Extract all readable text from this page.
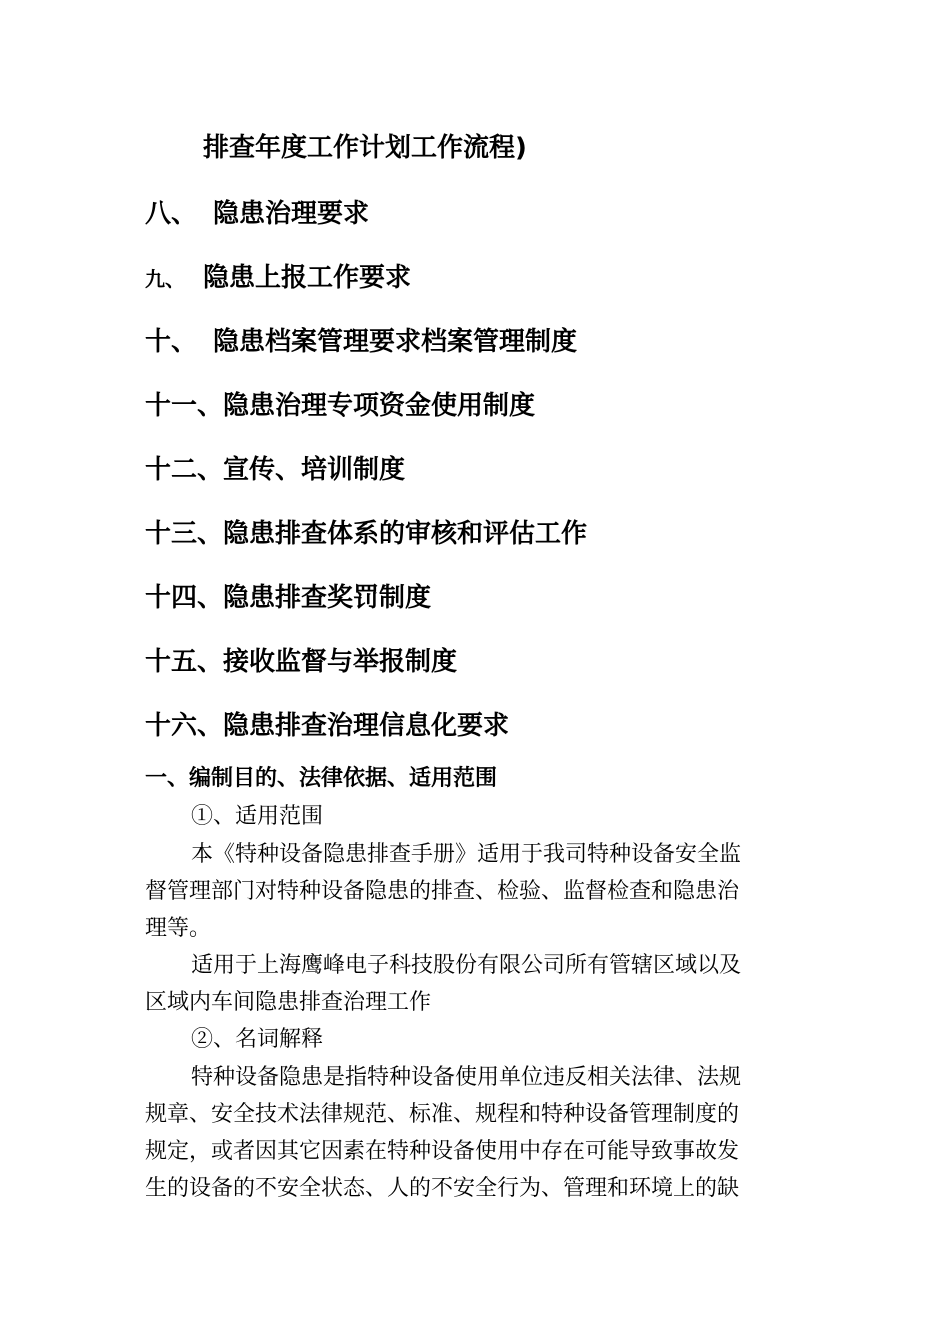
排查年度工作计划工作流程)
八、 隐患治理要求
九、 隐患上报工作要求
十、 隐患档案管理要求档案管理制度
十一、隐患治理专项资金使用制度
十二、宣传、培训制度
十三、隐患排查体系的审核和评估工作
十四、隐患排查奖罚制度
十五、接收监督与举报制度
十六、隐患排查治理信息化要求
一、编制目的、法律依据、适用范围
①、适用范围
本《特种设备隐患排查手册》适用于我司特种设备安全监
督管理部门对特种设备隐患的排查、检验、监督检查和隐患治
理等。
适用于上海鹰峰电子科技股份有限公司所有管辖区域以及
区域内车间隐患排查治理工作
②、名词解释
特种设备隐患是指特种设备使用单位违反相关法律、法规
规章、安全技术法律规范、标准、规程和特种设备管理制度的
规定，或者因其它因素在特种设备使用中存在可能导致事故发
生的设备的不安全状态、人的不安全行为、管理和环境上的缺
